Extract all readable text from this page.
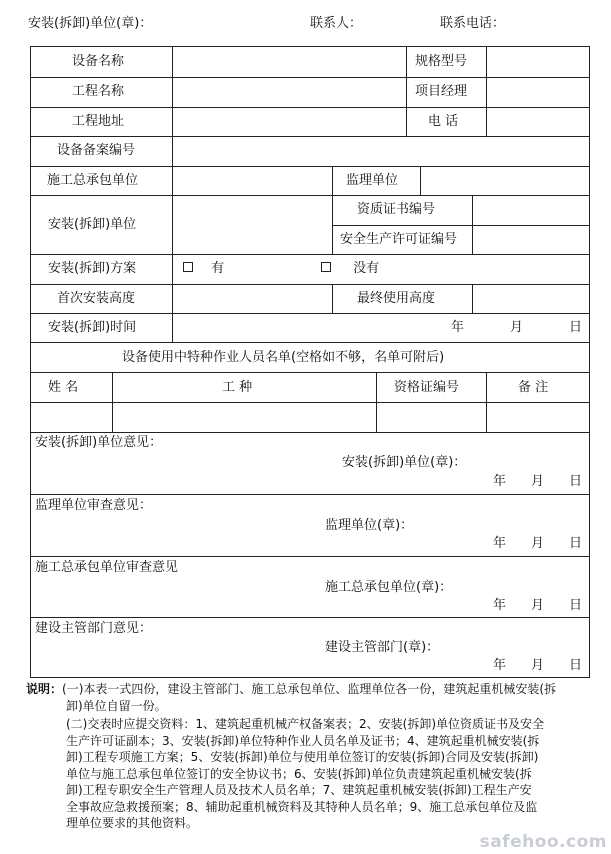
安装(拆卸)单位(章)：	联系人：	联系电话：
设备名称	规格型号
工程名称	项目经理
工程地址	电 话
设备备案编号
施工总承包单位	监理单位
安装(拆卸)单位
资质证书编号
安全生产许可证编号
安装(拆卸)方案	有	没有
首次安装高度	最终使用高度
安装(拆卸)时间	年	月	日
设备使用中特种作业人员名单(空格如不够，名单可附后)
姓 名	工 种	资格证编号	备 注
安装(拆卸)单位意见：
安装(拆卸)单位(章)：
年 月 日
监理单位审查意见：
监理单位(章)：
年 月 日
施工总承包单位审查意见
施工总承包单位(章)：
年 月 日
建设主管部门意见：
建设主管部门(章)：
年 月 日

说明：(一)本表一式四份，建设主管部门、施工总承包单位、监理单位各一份，建筑起重机械安装(拆

卸)单位自留一份。

(二)交表时应提交资料：1、建筑起重机械产权备案表；2、安装(拆卸)单位资质证书及安全

生产许可证副本；3、安装(拆卸)单位特种作业人员名单及证书；4、建筑起重机械安装(拆

卸)工程专项施工方案；5、安装(拆卸)单位与使用单位签订的安装(拆卸)合同及安装(拆卸)

单位与施工总承包单位签订的安全协议书；6、安装(拆卸)单位负责建筑起重机械安装(拆

卸)工程专职安全生产管理人员及技术人员名单；7、建筑起重机械安装(拆卸)工程生产安

全事故应急救援预案；8、辅助起重机械资料及其特种人员名单；9、施工总承包单位及监

理单位要求的其他资料。

safehoo.com
